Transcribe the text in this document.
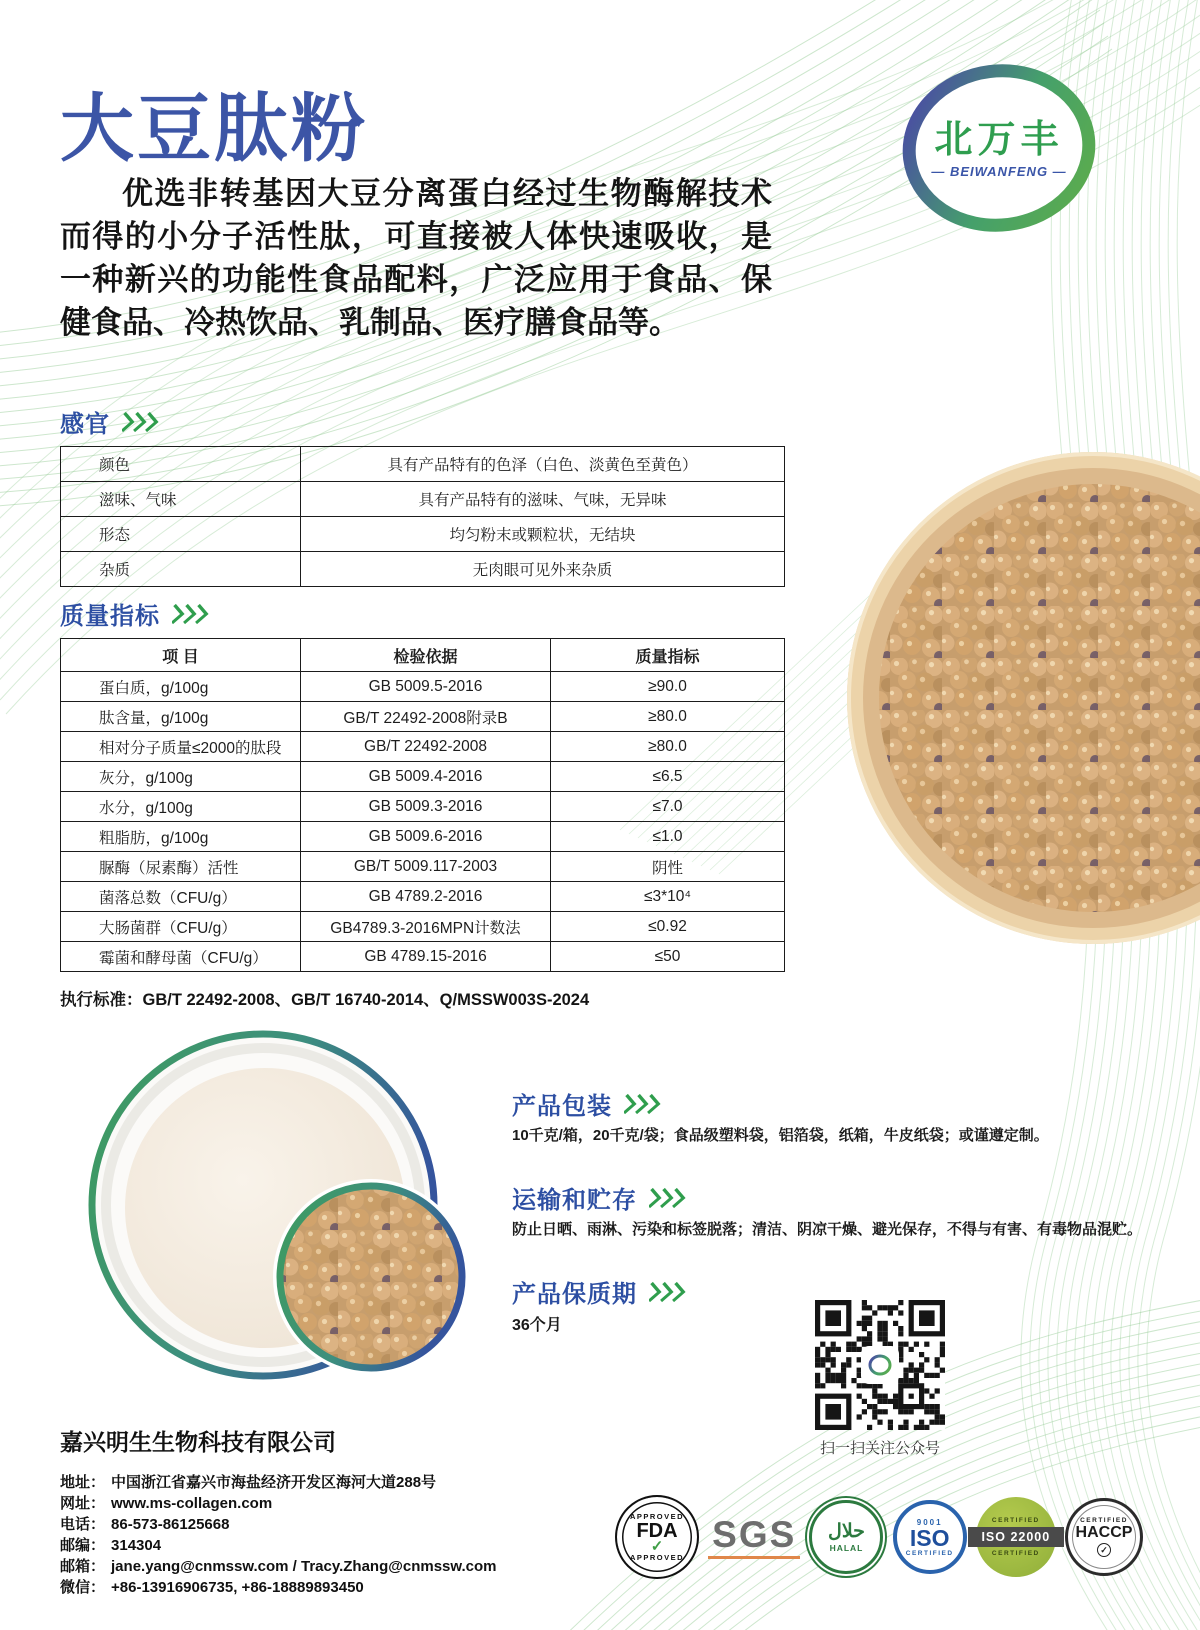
北万丰
— BEIWANFENG —
大豆肽粉
优选非转基因大豆分离蛋白经过生物酶解技术而得的小分子活性肽，可直接被人体快速吸收，是一种新兴的功能性食品配料，广泛应用于食品、保健食品、冷热饮品、乳制品、医疗膳食品等。
感官
颜色	具有产品特有的色泽（白色、淡黄色至黄色）
滋味、气味	具有产品特有的滋味、气味，无异味
形态	均匀粉末或颗粒状，无结块
杂质	无肉眼可见外来杂质
质量指标
项 目	检验依据	质量指标
蛋白质，g/100g	GB 5009.5-2016	≥90.0
肽含量，g/100g	GB/T 22492-2008附录B	≥80.0
相对分子质量≤2000的肽段	GB/T 22492-2008	≥80.0
灰分，g/100g	GB 5009.4-2016	≤6.5
水分，g/100g	GB 5009.3-2016	≤7.0
粗脂肪，g/100g	GB 5009.6-2016	≤1.0
脲酶（尿素酶）活性	GB/T 5009.117-2003	阴性
菌落总数（CFU/g）	GB 4789.2-2016	≤3*10⁴
大肠菌群（CFU/g）	GB4789.3-2016MPN计数法	≤0.92
霉菌和酵母菌（CFU/g）	GB 4789.15-2016	≤50
执行标准：GB/T 22492-2008、GB/T 16740-2014、Q/MSSW003S-2024
产品包装
10千克/箱，20千克/袋；食品级塑料袋，铝箔袋，纸箱，牛皮纸袋；或谨遵定制。
运输和贮存
防止日晒、雨淋、污染和标签脱落；清洁、阴凉干燥、避光保存，不得与有害、有毒物品混贮。
产品保质期
36个月
扫一扫关注公众号
嘉兴明生生物科技有限公司
地址： 中国浙江省嘉兴市海盐经济开发区海河大道288号
网址： www.ms-collagen.com
电话： 86-573-86125668
邮编： 314304
邮箱： jane.yang@cnmssw.com / Tracy.Zhang@cnmssw.com
微信： +86-13916906735, +86-18889893450
APPROVED
FDA
✓
APPROVED
SGS حلال
HALAL
9001
ISO
CERTIFIED
CERTIFIED
ISO 22000
CERTIFIED
CERTIFIED
HACCP
✓
